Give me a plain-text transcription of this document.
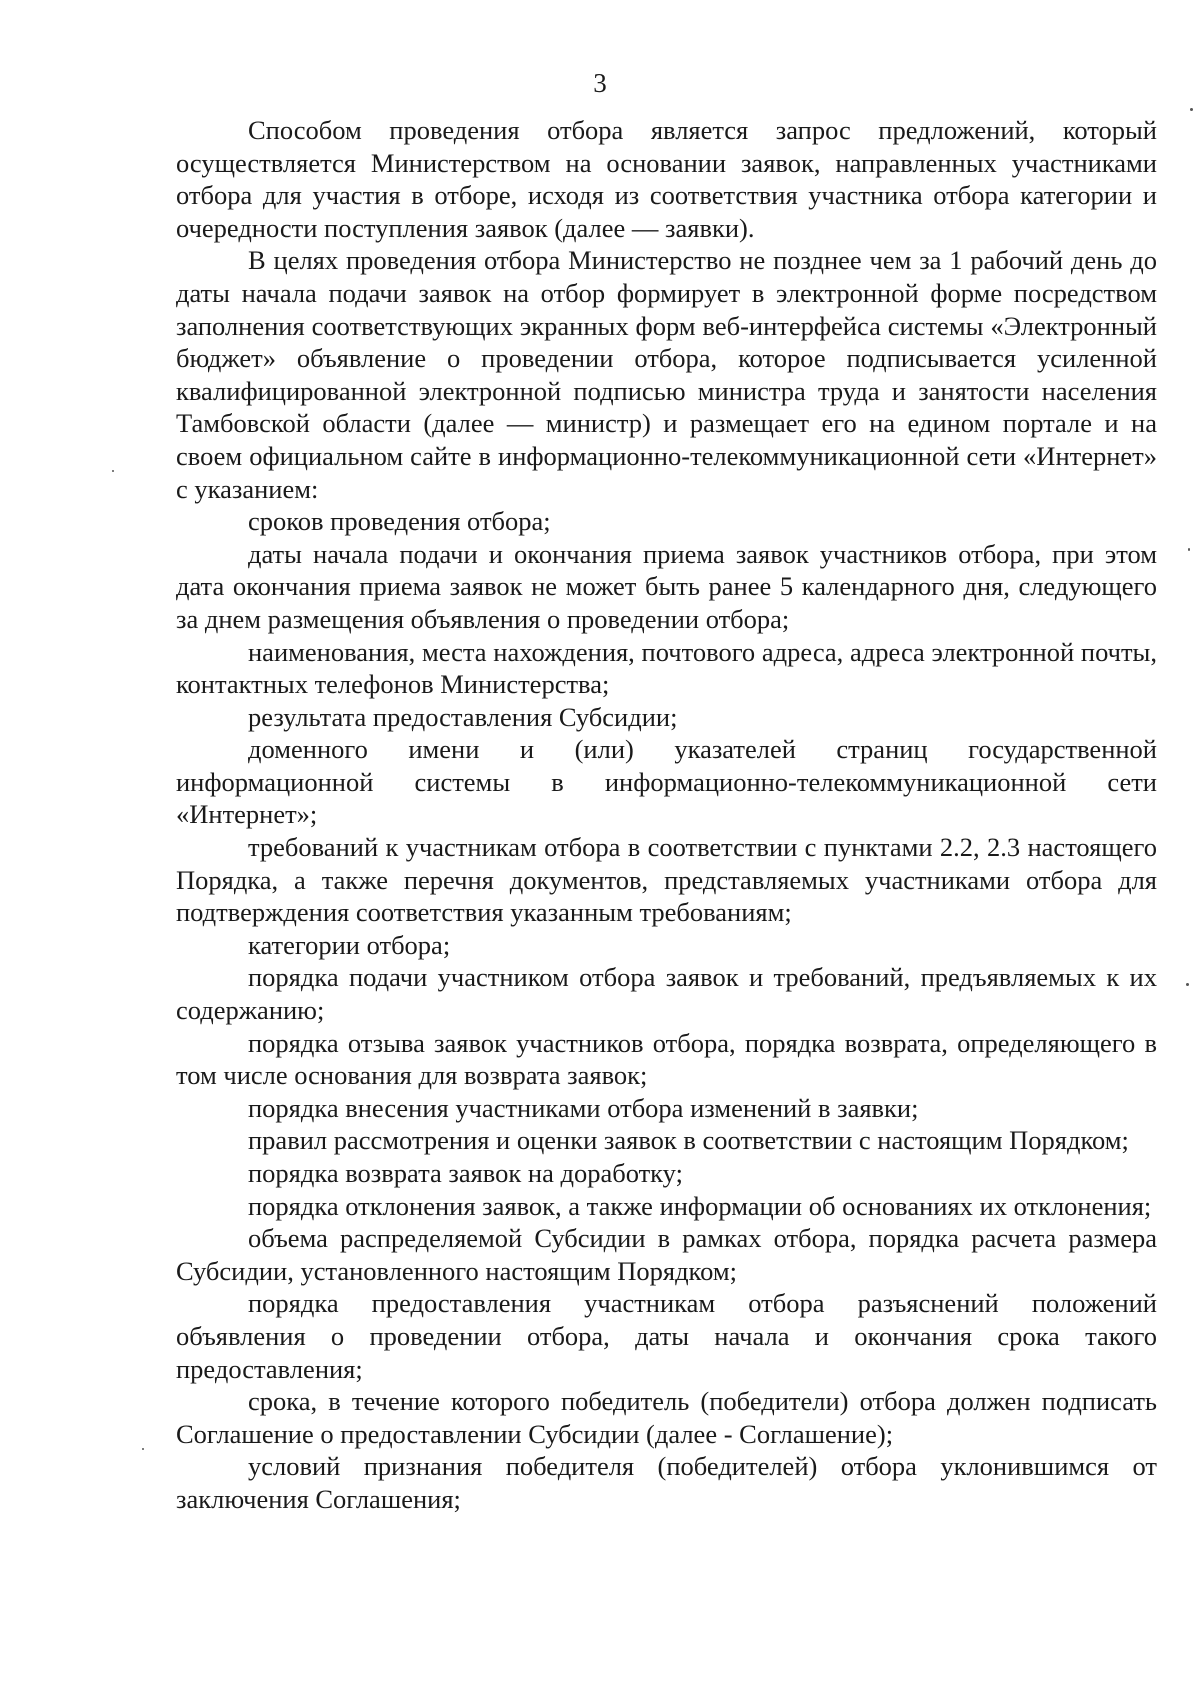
3

Способом проведения отбора является запрос предложений, который осуществляется Министерством на основании заявок, направленных участниками отбора для участия в отборе, исходя из соответствия участника отбора категории и очередности поступления заявок (далее — заявки).

В целях проведения отбора Министерство не позднее чем за 1 рабочий день до даты начала подачи заявок на отбор формирует в электронной форме посредством заполнения соответствующих экранных форм веб-интерфейса системы «Электронный бюджет» объявление о проведении отбора, которое подписывается усиленной квалифицированной электронной подписью министра труда и занятости населения Тамбовской области (далее — министр) и размещает его на едином портале и на своем официальном сайте в информационно-телекоммуникационной сети «Интернет» с указанием:

сроков проведения отбора;

даты начала подачи и окончания приема заявок участников отбора, при этом дата окончания приема заявок не может быть ранее 5 календарного дня, следующего за днем размещения объявления о проведении отбора;

наименования, места нахождения, почтового адреса, адреса электронной почты, контактных телефонов Министерства;

результата предоставления Субсидии;

доменного имени и (или) указателей страниц государственной информационной системы в информационно-телекоммуникационной сети «Интернет»;

требований к участникам отбора в соответствии с пунктами 2.2, 2.3 настоящего Порядка, а также перечня документов, представляемых участниками отбора для подтверждения соответствия указанным требованиям;

категории отбора;

порядка подачи участником отбора заявок и требований, предъявляемых к их содержанию;

порядка отзыва заявок участников отбора, порядка возврата, определяющего в том числе основания для возврата заявок;

порядка внесения участниками отбора изменений в заявки;

правил рассмотрения и оценки заявок в соответствии с настоящим Порядком;

порядка возврата заявок на доработку;

порядка отклонения заявок, а также информации об основаниях их отклонения;

объема распределяемой Субсидии в рамках отбора, порядка расчета размера Субсидии, установленного настоящим Порядком;

порядка предоставления участникам отбора разъяснений положений объявления о проведении отбора, даты начала и окончания срока такого предоставления;

срока, в течение которого победитель (победители) отбора должен подписать Соглашение о предоставлении Субсидии (далее - Соглашение);

условий признания победителя (победителей) отбора уклонившимся от заключения Соглашения;
